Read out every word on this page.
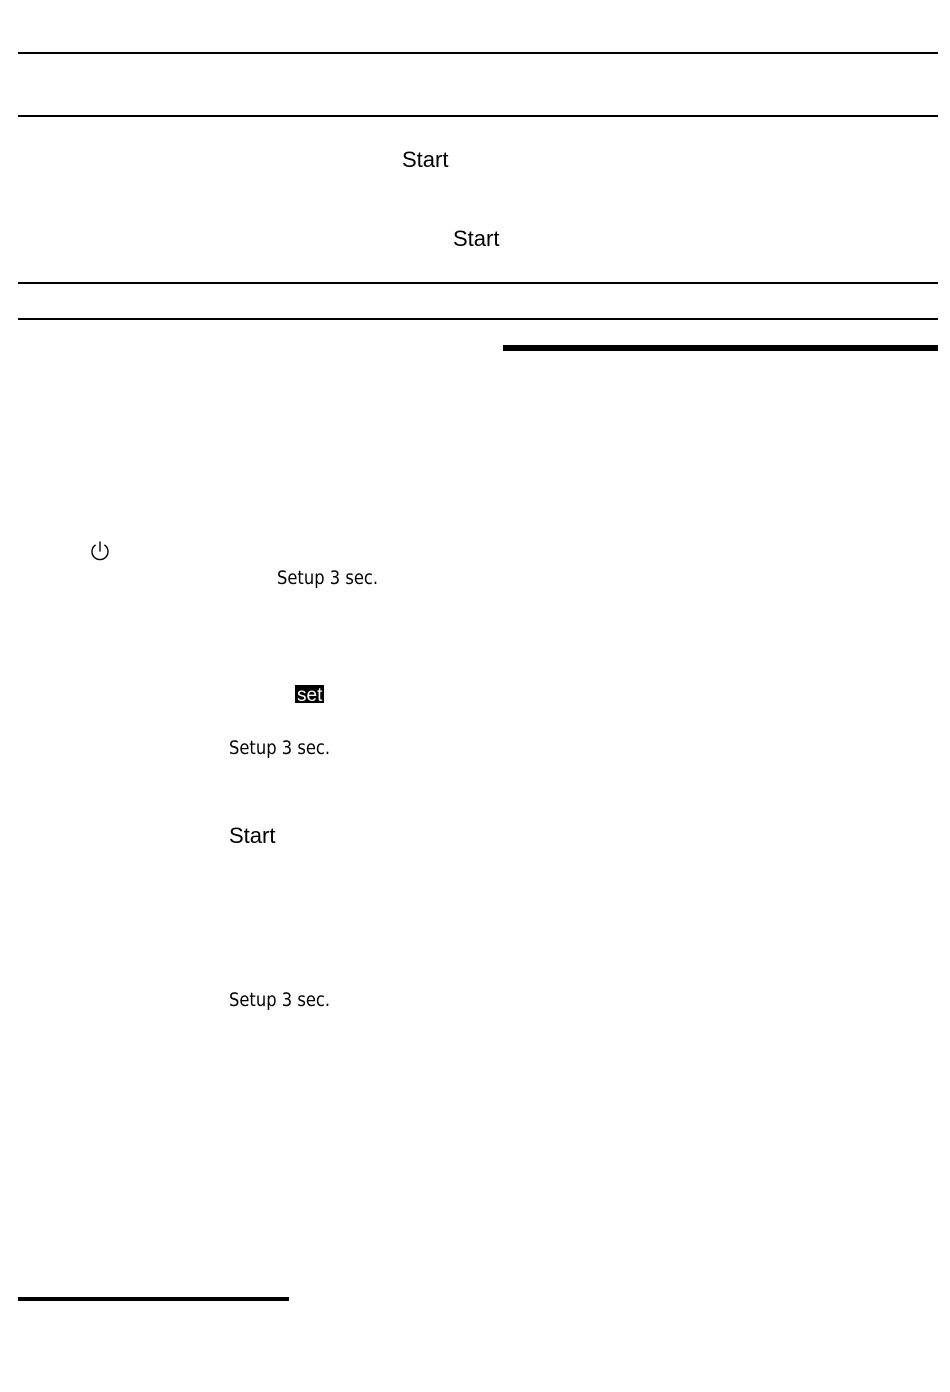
Start
Start
Setup 3 sec.
set
Setup 3 sec.
Start
Setup 3 sec.
